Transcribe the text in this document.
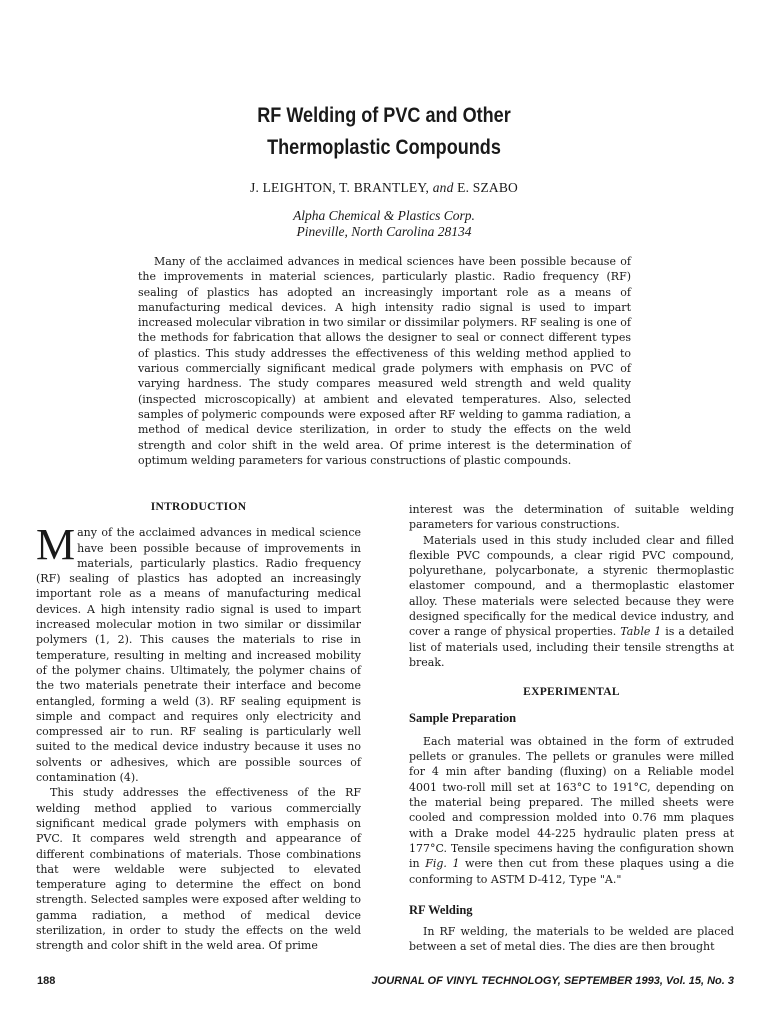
RF Welding of PVC and Other
Thermoplastic Compounds
J. LEIGHTON, T. BRANTLEY, and E. SZABO
Alpha Chemical & Plastics Corp.
Pineville, North Carolina 28134

Many of the acclaimed advances in medical sciences have been possible because of the improvements in material sciences, particularly plastic. Radio frequency (RF) sealing of plastics has adopted an increasingly important role as a means of manufacturing medical devices. A high intensity radio signal is used to impart increased molecular vibration in two similar or dissimilar polymers. RF sealing is one of the methods for fabrication that allows the designer to seal or connect different types of plastics. This study addresses the effectiveness of this welding method applied to various commercially significant medical grade polymers with emphasis on PVC of varying hardness. The study compares measured weld strength and weld quality (inspected microscopically) at ambient and elevated temperatures. Also, selected samples of polymeric compounds were exposed after RF welding to gamma radiation, a method of medical device sterilization, in order to study the effects on the weld strength and color shift in the weld area. Of prime interest is the determination of optimum welding parameters for various constructions of plastic compounds.

INTRODUCTION

Many of the acclaimed advances in medical science have been possible because of improvements in materials, particularly plastics. Radio frequency (RF) sealing of plastics has adopted an increasingly important role as a means of manufacturing medical devices. A high intensity radio signal is used to impart increased molecular motion in two similar or dissimilar polymers (1, 2). This causes the materials to rise in temperature, resulting in melting and increased mobility of the polymer chains. Ultimately, the polymer chains of the two materials penetrate their interface and become entangled, forming a weld (3). RF sealing equipment is simple and compact and requires only electricity and compressed air to run. RF sealing is particularly well suited to the medical device industry because it uses no solvents or adhesives, which are possible sources of contamination (4).

This study addresses the effectiveness of the RF welding method applied to various commercially significant medical grade polymers with emphasis on PVC. It compares weld strength and appearance of different combinations of materials. Those combinations that were weldable were subjected to elevated temperature aging to determine the effect on bond strength. Selected samples were exposed after welding to gamma radiation, a method of medical device sterilization, in order to study the effects on the weld strength and color shift in the weld area. Of prime

interest was the determination of suitable welding parameters for various constructions.

Materials used in this study included clear and filled flexible PVC compounds, a clear rigid PVC compound, polyurethane, polycarbonate, a styrenic thermoplastic elastomer compound, and a thermoplastic elastomer alloy. These materials were selected because they were designed specifically for the medical device industry, and cover a range of physical properties. Table 1 is a detailed list of materials used, including their tensile strengths at break.

EXPERIMENTAL
Sample Preparation

Each material was obtained in the form of extruded pellets or granules. The pellets or granules were milled for 4 min after banding (fluxing) on a Reliable model 4001 two-roll mill set at 163°C to 191°C, depending on the material being prepared. The milled sheets were cooled and compression molded into 0.76 mm plaques with a Drake model 44-225 hydraulic platen press at 177°C. Tensile specimens having the configuration shown in Fig. 1 were then cut from these plaques using a die conforming to ASTM D-412, Type "A."

RF Welding

In RF welding, the materials to be welded are placed between a set of metal dies. The dies are then brought

188	JOURNAL OF VINYL TECHNOLOGY, SEPTEMBER 1993, Vol. 15, No. 3
